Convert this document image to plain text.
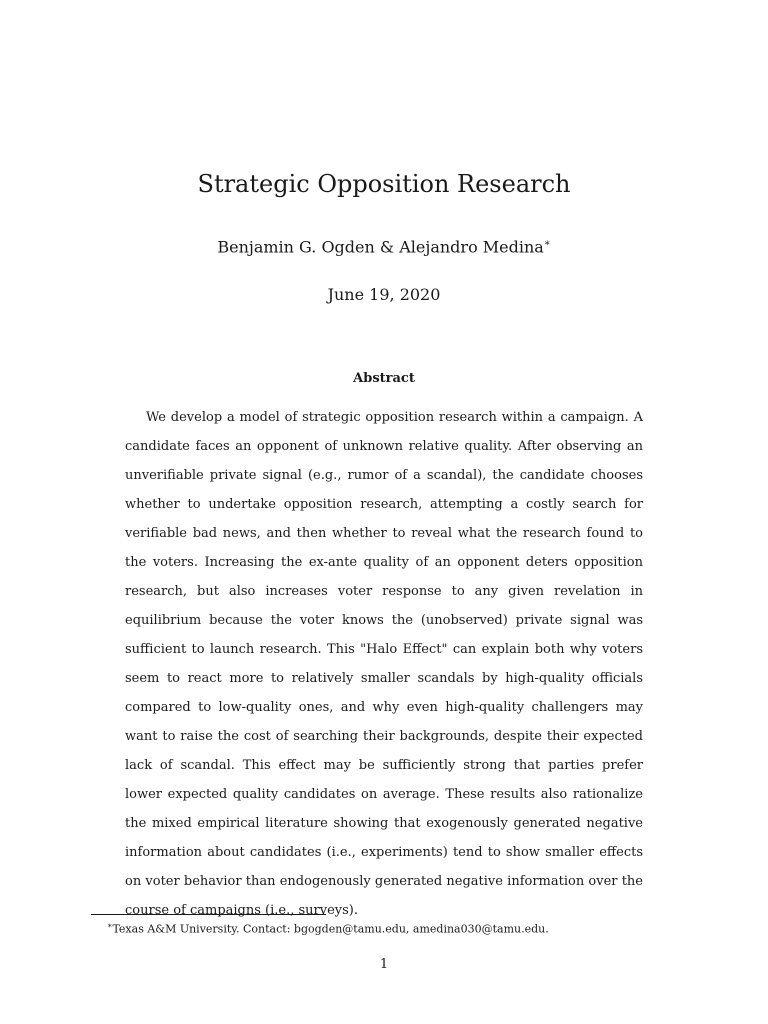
Strategic Opposition Research
Benjamin G. Ogden & Alejandro Medina∗
June 19, 2020
Abstract

We develop a model of strategic opposition research within a campaign. A candidate faces an opponent of unknown relative quality. After observing an unverifiable private signal (e.g., rumor of a scandal), the candidate chooses whether to undertake opposition research, attempting a costly search for verifiable bad news, and then whether to reveal what the research found to the voters. Increasing the ex-ante quality of an opponent deters opposition research, but also increases voter response to any given revelation in equilibrium because the voter knows the (unobserved) private signal was sufficient to launch research. This "Halo Effect" can explain both why voters seem to react more to relatively smaller scandals by high-quality officials compared to low-quality ones, and why even high-quality challengers may want to raise the cost of searching their backgrounds, despite their expected lack of scandal. This effect may be sufficiently strong that parties prefer lower expected quality candidates on average. These results also rationalize the mixed empirical literature showing that exogenously generated negative information about candidates (i.e., experiments) tend to show smaller effects on voter behavior than endogenously generated negative information over the course of campaigns (i.e., surveys).

∗Texas A&M University. Contact: bgogden@tamu.edu, amedina030@tamu.edu.
1
